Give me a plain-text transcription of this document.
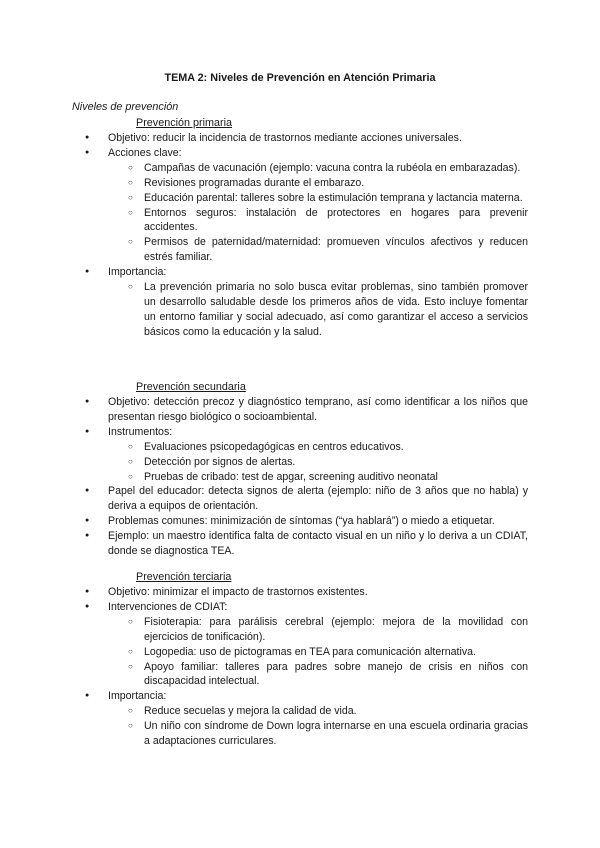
TEMA 2: Niveles de Prevención en Atención Primaria
Niveles de prevención
Prevención primaria
● Objetivo: reducir la incidencia de trastornos mediante acciones universales.
● Acciones clave:
○ Campañas de vacunación (ejemplo: vacuna contra la rubéola en embarazadas).
○ Revisiones programadas durante el embarazo.
○ Educación parental: talleres sobre la estimulación temprana y lactancia materna.
○ Entornos seguros: instalación de protectores en hogares para prevenir accidentes.
○ Permisos de paternidad/maternidad: promueven vínculos afectivos y reducen estrés familiar.
● Importancia:
○ La prevención primaria no solo busca evitar problemas, sino también promover un desarrollo saludable desde los primeros años de vida. Esto incluye fomentar un entorno familiar y social adecuado, así como garantizar el acceso a servicios básicos como la educación y la salud.
Prevención secundaria
● Objetivo: detección precoz y diagnóstico temprano, así como identificar a los niños que presentan riesgo biológico o socioambiental.
● Instrumentos:
○ Evaluaciones psicopedagógicas en centros educativos.
○ Detección por signos de alertas.
○ Pruebas de cribado: test de apgar, screening auditivo neonatal
● Papel del educador: detecta signos de alerta (ejemplo: niño de 3 años que no habla) y deriva a equipos de orientación.
● Problemas comunes: minimización de síntomas (“ya hablará”) o miedo a etiquetar.
● Ejemplo: un maestro identifica falta de contacto visual en un niño y lo deriva a un CDIAT, donde se diagnostica TEA.
Prevención terciaria
● Objetivo: minimizar el impacto de trastornos existentes.
● Intervenciones de CDIAT:
○ Fisioterapia: para parálisis cerebral (ejemplo: mejora de la movilidad con ejercicios de tonificación).
○ Logopedia: uso de pictogramas en TEA para comunicación alternativa.
○ Apoyo familiar: talleres para padres sobre manejo de crisis en niños con discapacidad intelectual.
● Importancia:
○ Reduce secuelas y mejora la calidad de vida.
○ Un niño con síndrome de Down logra internarse en una escuela ordinaria gracias a adaptaciones curriculares.
